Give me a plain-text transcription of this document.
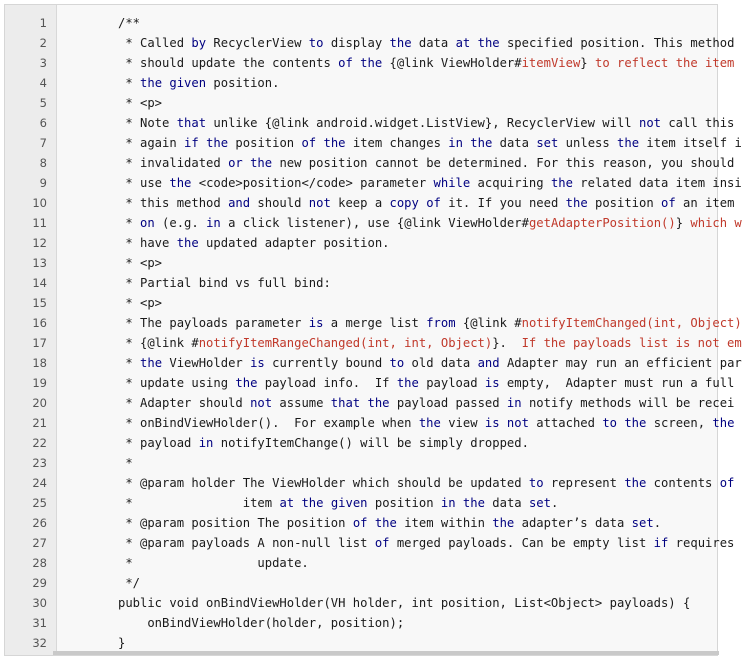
1	/**
2	* Called by RecyclerView to display the data at the specified position. This method
3	* should update the contents of the {@link ViewHolder#itemView} to reflect the item
4	* the given position.
5	* <p>
6	* Note that unlike {@link android.widget.ListView}, RecyclerView will not call this
7	* again if the position of the item changes in the data set unless the item itself i
8	* invalidated or the new position cannot be determined. For this reason, you should
9	* use the <code>position</code> parameter while acquiring the related data item insi
10	* this method and should not keep a copy of it. If you need the position of an item
11	* on (e.g. in a click listener), use {@link ViewHolder#getAdapterPosition()} which w
12	* have the updated adapter position.
13	* <p>
14	* Partial bind vs full bind:
15	* <p>
16	* The payloads parameter is a merge list from {@link #notifyItemChanged(int, Object)
17	* {@link #notifyItemRangeChanged(int, int, Object)}.  If the payloads list is not em
18	* the ViewHolder is currently bound to old data and Adapter may run an efficient par
19	* update using the payload info.  If the payload is empty,  Adapter must run a full
20	* Adapter should not assume that the payload passed in notify methods will be recei
21	* onBindViewHolder().  For example when the view is not attached to the screen, the
22	* payload in notifyItemChange() will be simply dropped.
23	*
24	* @param holder The ViewHolder which should be updated to represent the contents of
25	*               item at the given position in the data set.
26	* @param position The position of the item within the adapter’s data set.
27	* @param payloads A non-null list of merged payloads. Can be empty list if requires
28	*                 update.
29	*/
30	public void onBindViewHolder(VH holder, int position, List<Object> payloads) {
31	onBindViewHolder(holder, position);
32	}
